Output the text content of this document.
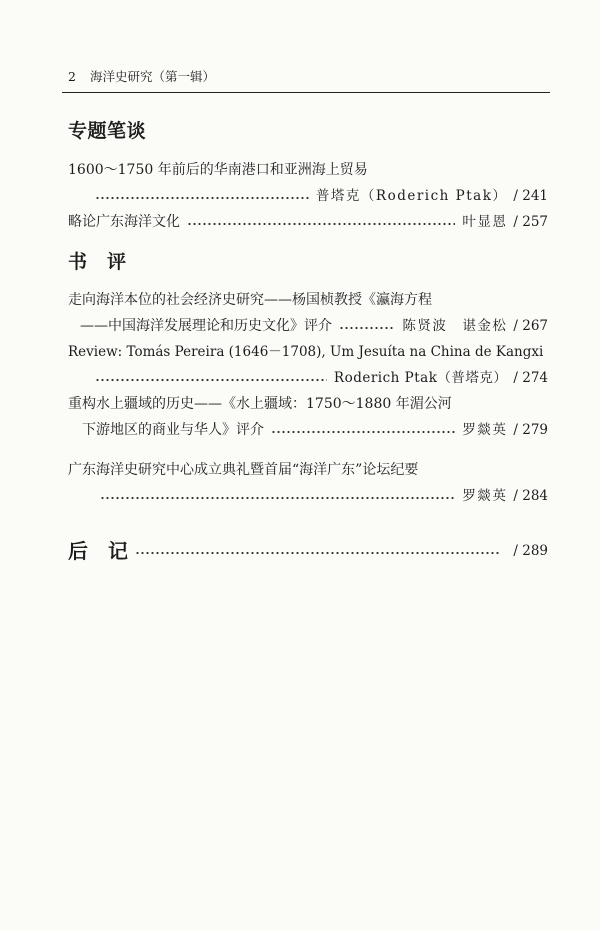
2	海洋史研究（第一辑）
专题笔谈
1600～1750 年前后的华南港口和亚洲海上贸易
普塔克（Roderich Ptak） / 241
略论广东海洋文化	叶显恩 / 257
书　评
走向海洋本位的社会经济史研究——杨国桢教授《瀛海方程
——中国海洋发展理论和历史文化》评介	陈贤波　谌金松 / 267
Review: Tomás Pereira (1646－1708), Um Jesuíta na China de Kangxi
Roderich Ptak（普塔克） / 274
重构水上疆域的历史——《水上疆域：1750～1880 年湄公河
下游地区的商业与华人》评介	罗燚英 / 279
广东海洋史研究中心成立典礼暨首届“海洋广东”论坛纪要
罗燚英 / 284
后　记	/ 289
